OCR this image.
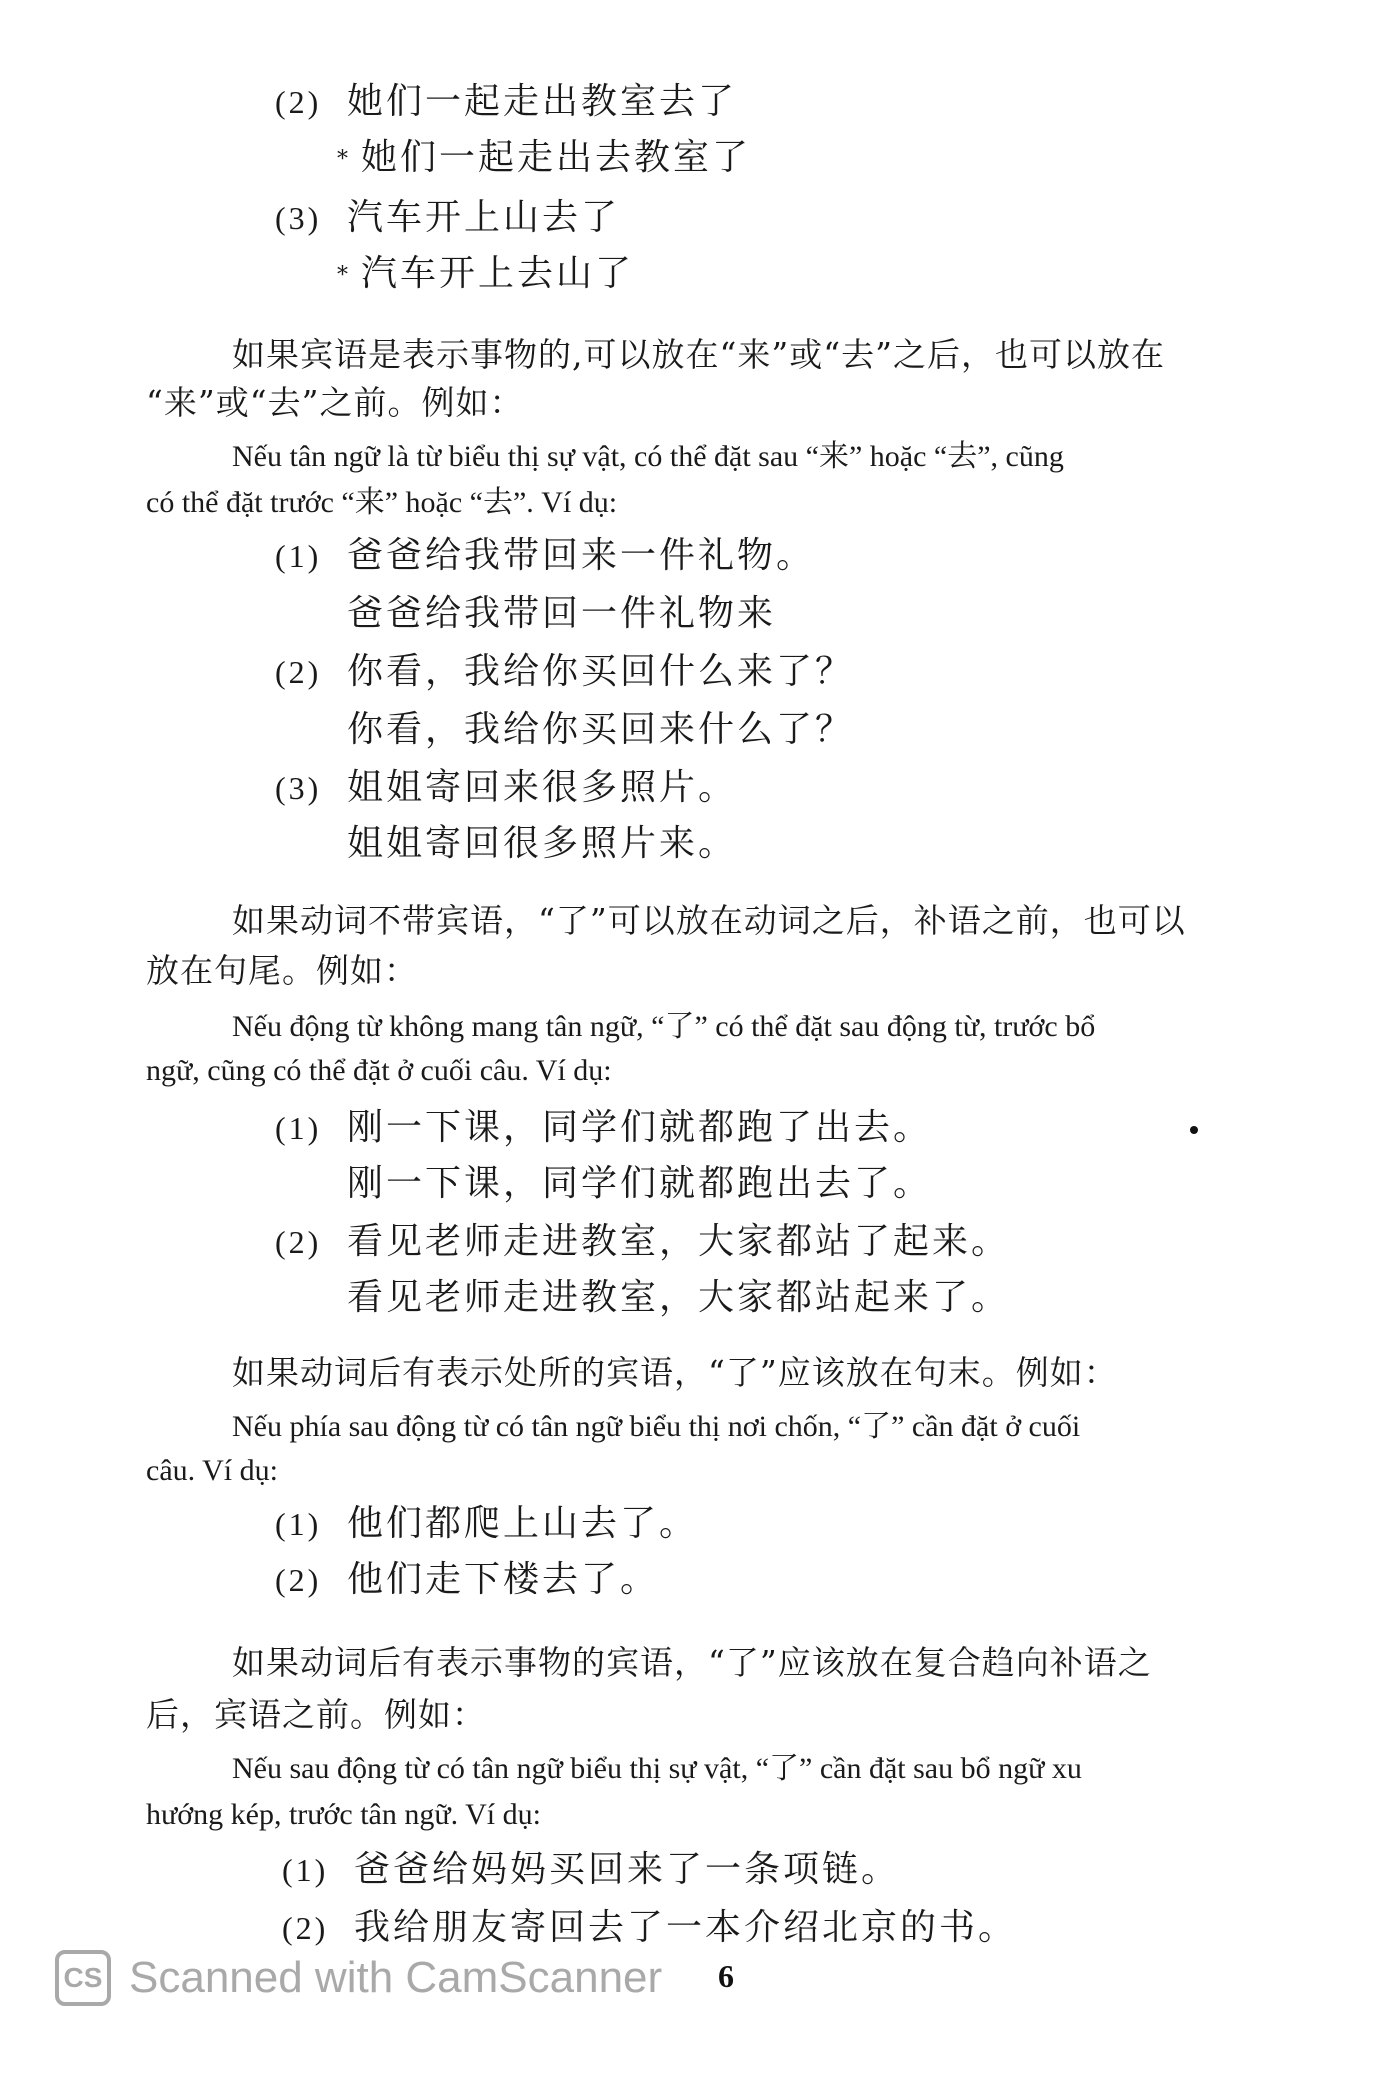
(2) 她们一起走出教室去了
* 她们一起走出去教室了
(3) 汽车开上山去了
* 汽车开上去山了
如果宾语是表示事物的,可以放在“来”或“去”之后，也可以放在
“来”或“去”之前。例如：
Nếu tân ngữ là từ biểu thị sự vật, có thể đặt sau “来” hoặc “去”, cũng
có thể đặt trước “来” hoặc “去”. Ví dụ:
(1) 爸爸给我带回来一件礼物。
爸爸给我带回一件礼物来
(2) 你看，我给你买回什么来了？
你看，我给你买回来什么了？
(3) 姐姐寄回来很多照片。
姐姐寄回很多照片来。
如果动词不带宾语，“了”可以放在动词之后，补语之前，也可以
放在句尾。例如：
Nếu động từ không mang tân ngữ, “了” có thể đặt sau động từ, trước bổ
ngữ, cũng có thể đặt ở cuối câu. Ví dụ:
(1) 刚一下课，同学们就都跑了出去。
刚一下课，同学们就都跑出去了。
(2) 看见老师走进教室，大家都站了起来。
看见老师走进教室，大家都站起来了。
如果动词后有表示处所的宾语，“了”应该放在句末。例如：
Nếu phía sau động từ có tân ngữ biểu thị nơi chốn, “了” cần đặt ở cuối
câu. Ví dụ:
(1) 他们都爬上山去了。
(2) 他们走下楼去了。
如果动词后有表示事物的宾语，“了”应该放在复合趋向补语之
后，宾语之前。例如：
Nếu sau động từ có tân ngữ biểu thị sự vật, “了” cần đặt sau bổ ngữ xu
hướng kép, trước tân ngữ. Ví dụ:
(1) 爸爸给妈妈买回来了一条项链。
(2) 我给朋友寄回去了一本介绍北京的书。
CS Scanned with CamScanner 6
